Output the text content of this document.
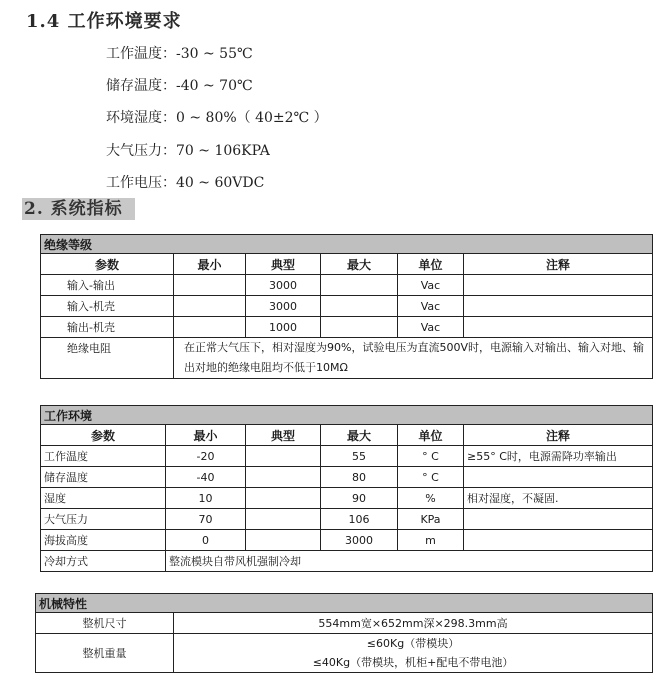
1.4 工作环境要求
工作温度：-30 ~ 55℃
储存温度：-40 ~ 70℃
环境湿度：0 ~ 80%（ 40±2℃ ）
大气压力：70 ~ 106KPA
工作电压：40 ~ 60VDC
2. 系统指标
绝缘等级					
参数	最小	典型	最大	单位	注释
输入-输出		3000		Vac	
输入-机壳		3000		Vac	
输出-机壳		1000		Vac	
绝缘电阻	在正常大气压下，相对湿度为90%，试验电压为直流500V时，电源输入对输出、输入对地、输出对地的绝缘电阻均不低于10MΩ				
工作环境					
参数	最小	典型	最大	单位	注释
工作温度	-20		55	° C	≥55° C时，电源需降功率输出
储存温度	-40		80	° C	
湿度	10		90	%	相对湿度，不凝固.
大气压力	70		106	KPa	
海拔高度	0		3000	m	
冷却方式	整流模块自带风机强制冷却				
机械特性	
整机尺寸	554mm宽×652mm深×298.3mm高
整机重量	≤60Kg（带模块）
≤40Kg（带模块，机柜+配电不带电池）
